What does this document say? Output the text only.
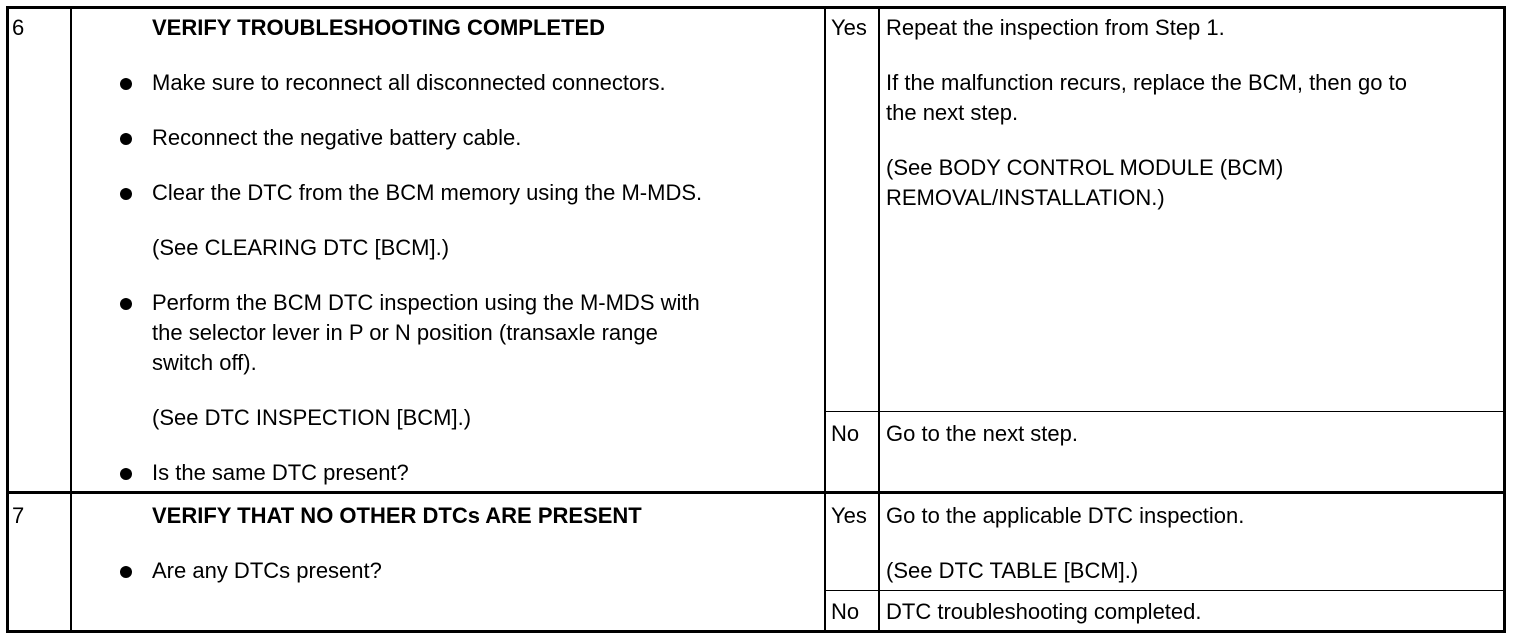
6	VERIFY TROUBLESHOOTING COMPLETED
Make sure to reconnect all disconnected connectors.
Reconnect the negative battery cable.
Clear the DTC from the BCM memory using the M-MDS.
(See CLEARING DTC [BCM].)
Perform the BCM DTC inspection using the M-MDS with
the selector lever in P or N position (transaxle range
switch off).
(See DTC INSPECTION [BCM].)
Is the same DTC present?
Yes Repeat the inspection from Step 1.
If the malfunction recurs, replace the BCM, then go to
the next step.
(See BODY CONTROL MODULE (BCM)
REMOVAL/INSTALLATION.)
No Go to the next step.
7	VERIFY THAT NO OTHER DTCs ARE PRESENT
Are any DTCs present?
Yes Go to the applicable DTC inspection.
(See DTC TABLE [BCM].)
No DTC troubleshooting completed.
